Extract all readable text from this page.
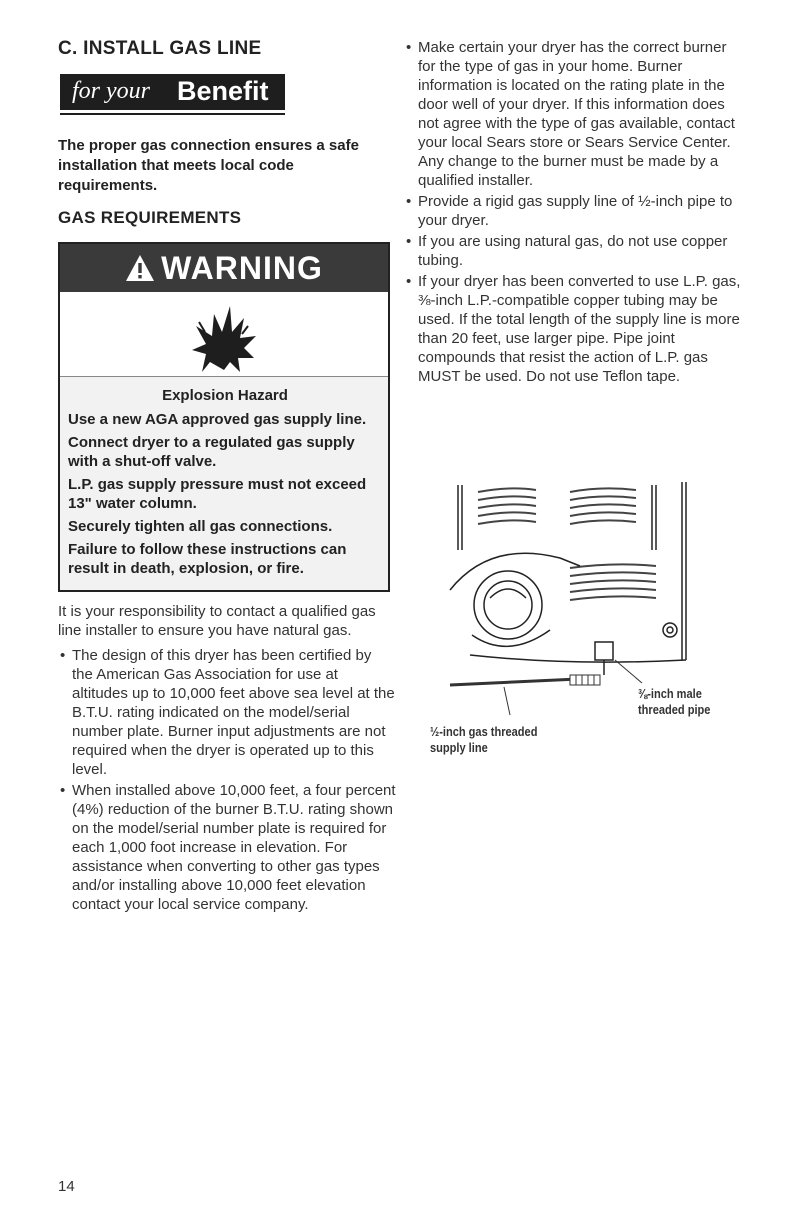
C. INSTALL GAS LINE
for your Benefit
The proper gas connection ensures a safe installation that meets local code requirements.
GAS REQUIREMENTS
WARNING
Explosion Hazard
Use a new AGA approved gas supply line.
Connect dryer to a regulated gas supply with a shut-off valve.
L.P. gas supply pressure must not exceed 13" water column.
Securely tighten all gas connections.
Failure to follow these instructions can result in death, explosion, or fire.
It is your responsibility to contact a qualified gas line installer to ensure you have natural gas.
• The design of this dryer has been certified by the American Gas Association for use at altitudes up to 10,000 feet above sea level at the B.T.U. rating indicated on the model/serial number plate. Burner input adjustments are not required when the dryer is operated up to this level.
• When installed above 10,000 feet, a four percent (4%) reduction of the burner B.T.U. rating shown on the model/serial number plate is required for each 1,000 foot increase in elevation. For assistance when converting to other gas types and/or installing above 10,000 feet elevation contact your local service company.
• Make certain your dryer has the correct burner for the type of gas in your home. Burner information is located on the rating plate in the door well of your dryer. If this information does not agree with the type of gas available, contact your local Sears store or Sears Service Center. Any change to the burner must be made by a qualified installer.
• Provide a rigid gas supply line of ½-inch pipe to your dryer.
• If you are using natural gas, do not use copper tubing.
• If your dryer has been converted to use L.P. gas, ⅜-inch L.P.-compatible copper tubing may be used. If the total length of the supply line is more than 20 feet, use larger pipe. Pipe joint compounds that resist the action of L.P. gas MUST be used. Do not use Teflon tape.
½-inch gas threaded
supply line
⅜-inch male
threaded pipe
14
